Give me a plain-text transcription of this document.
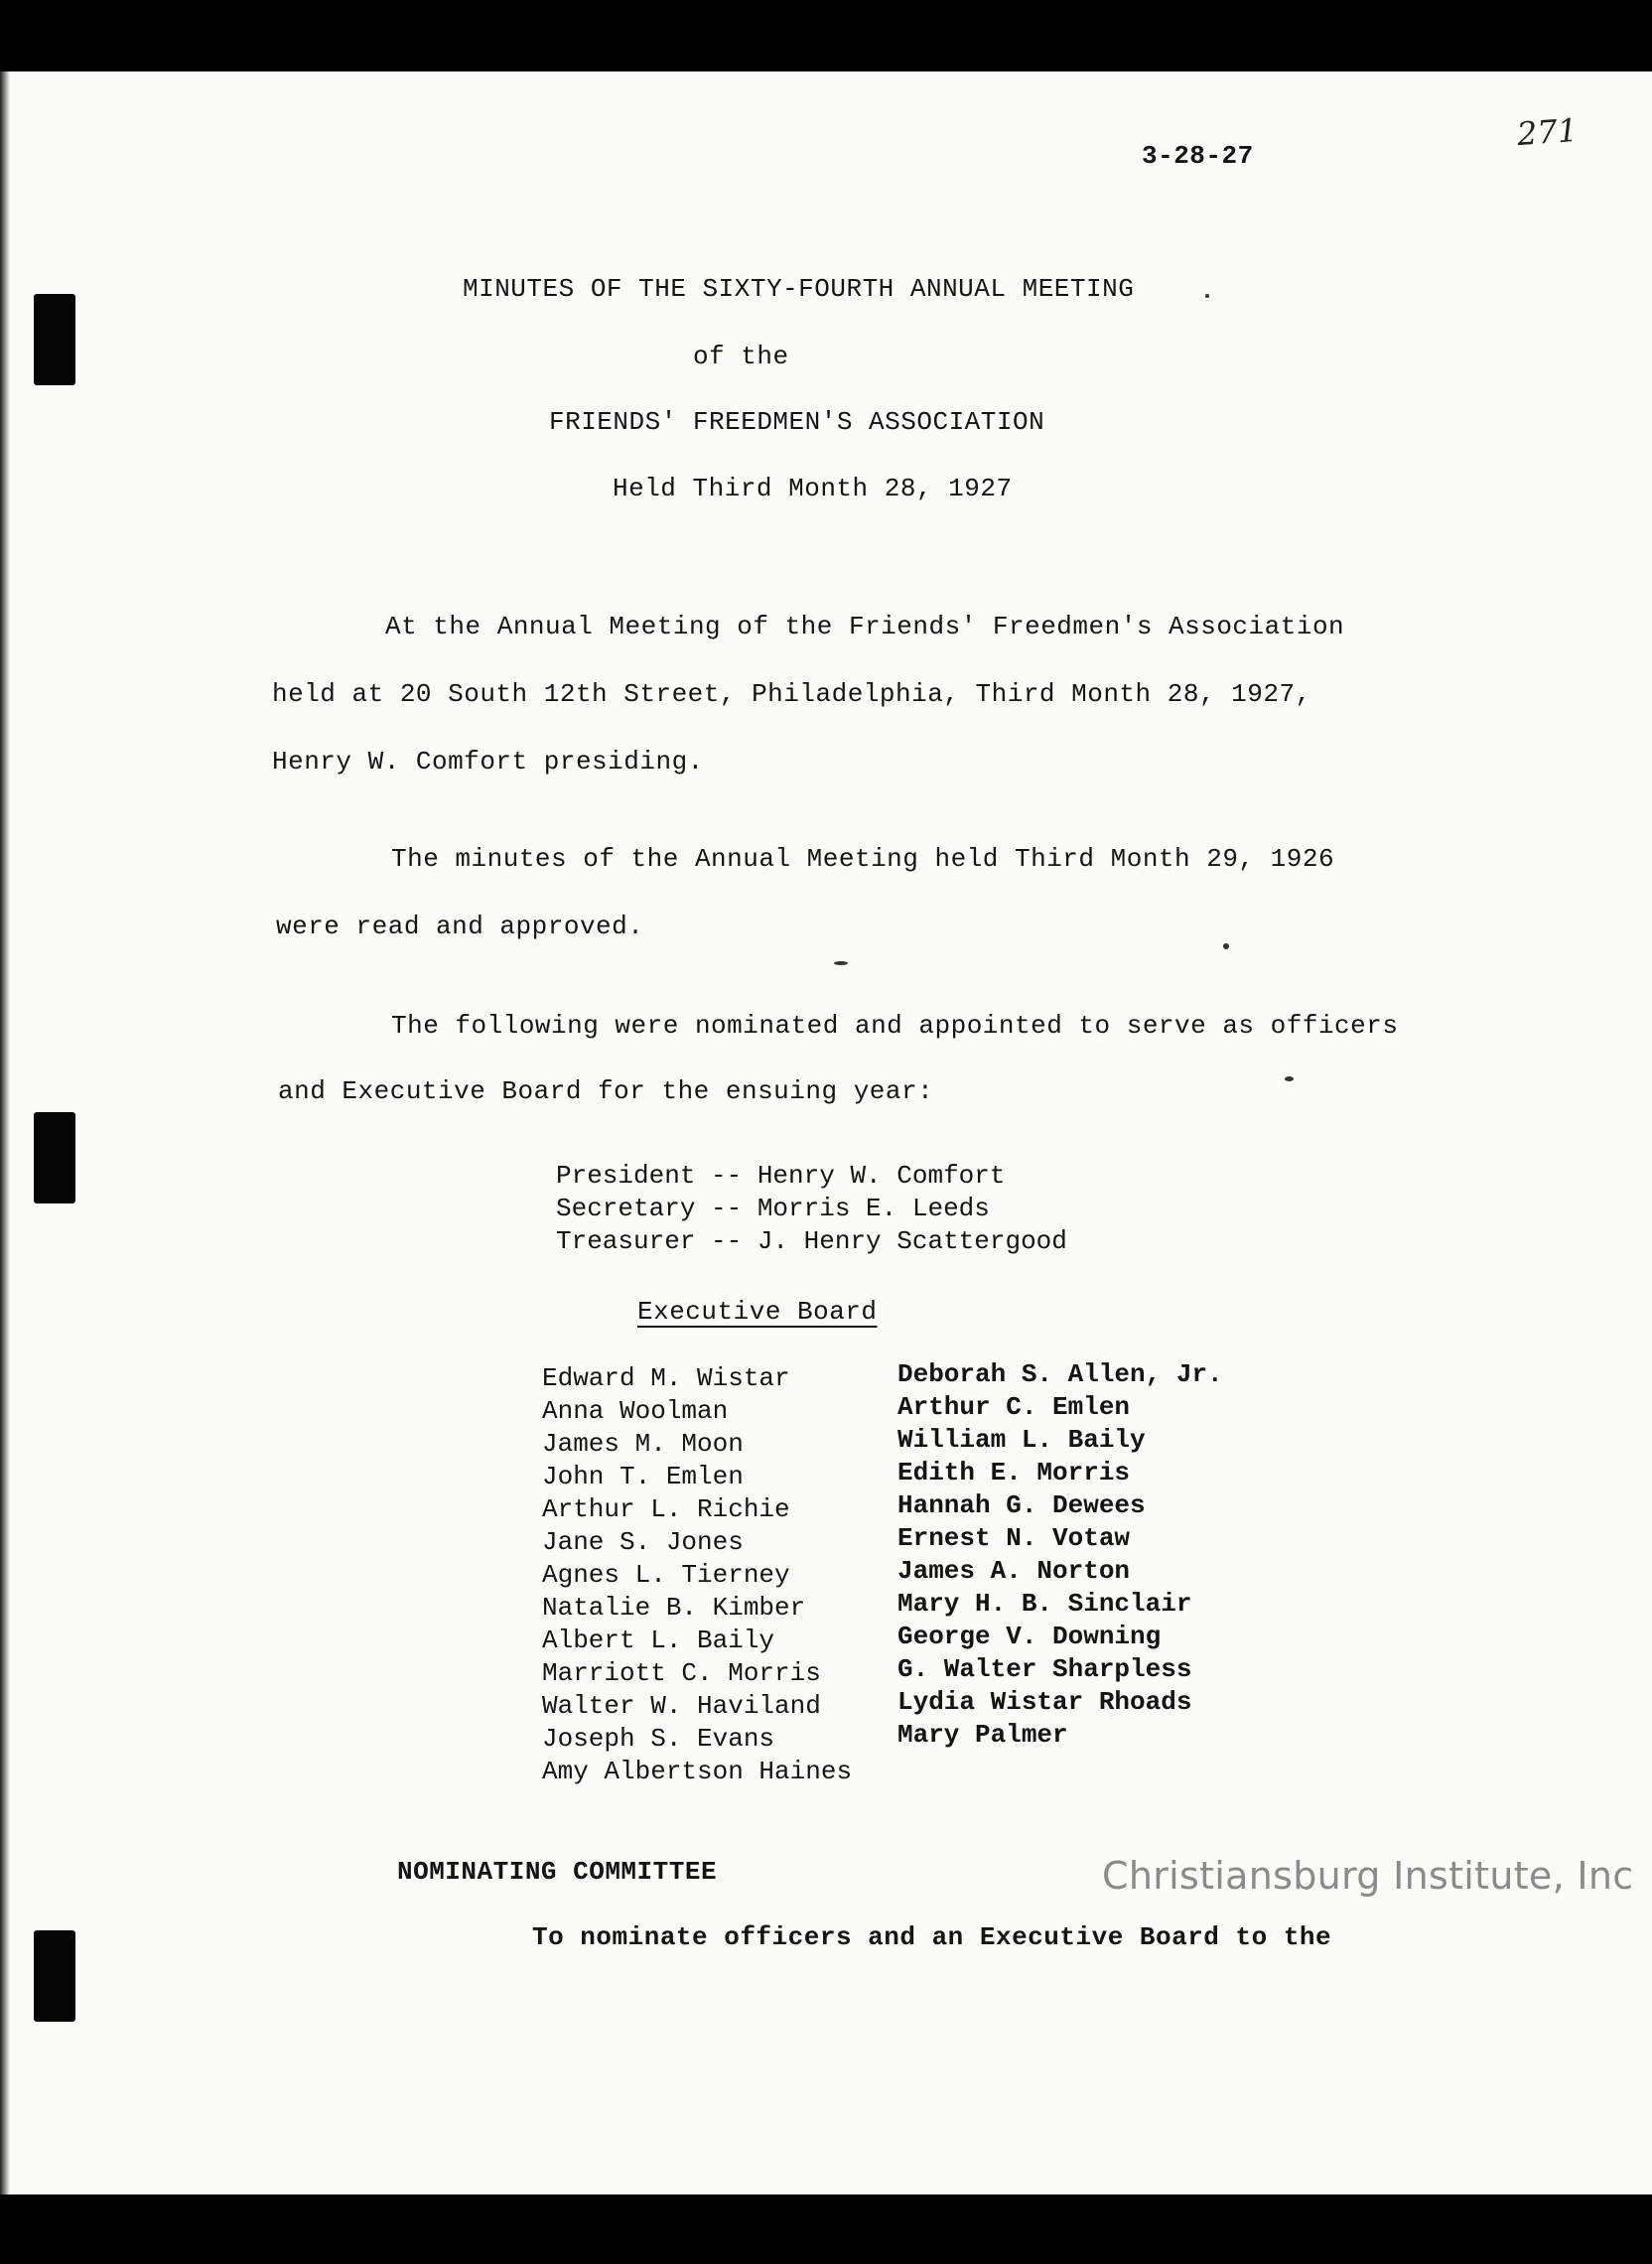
271
3-28-27
MINUTES OF THE SIXTY-FOURTH ANNUAL MEETING
of the
FRIENDS' FREEDMEN'S ASSOCIATION
Held Third Month 28, 1927
At the Annual Meeting of the Friends' Freedmen's Association
held at 20 South 12th Street, Philadelphia, Third Month 28, 1927,
Henry W. Comfort presiding.
The minutes of the Annual Meeting held Third Month 29, 1926
were read and approved.
The following were nominated and appointed to serve as officers
and Executive Board for the ensuing year:
President -- Henry W. Comfort
Secretary -- Morris E. Leeds
Treasurer -- J. Henry Scattergood
Executive Board
Edward M. Wistar
Anna Woolman
James M. Moon
John T. Emlen
Arthur L. Richie
Jane S. Jones
Agnes L. Tierney
Natalie B. Kimber
Albert L. Baily
Marriott C. Morris
Walter W. Haviland
Joseph S. Evans
Amy Albertson Haines
Deborah S. Allen, Jr.
Arthur C. Emlen
William L. Baily
Edith E. Morris
Hannah G. Dewees
Ernest N. Votaw
James A. Norton
Mary H. B. Sinclair
George V. Downing
G. Walter Sharpless
Lydia Wistar Rhoads
Mary Palmer
NOMINATING COMMITTEE
To nominate officers and an Executive Board to the
Christiansburg Institute, Inc
